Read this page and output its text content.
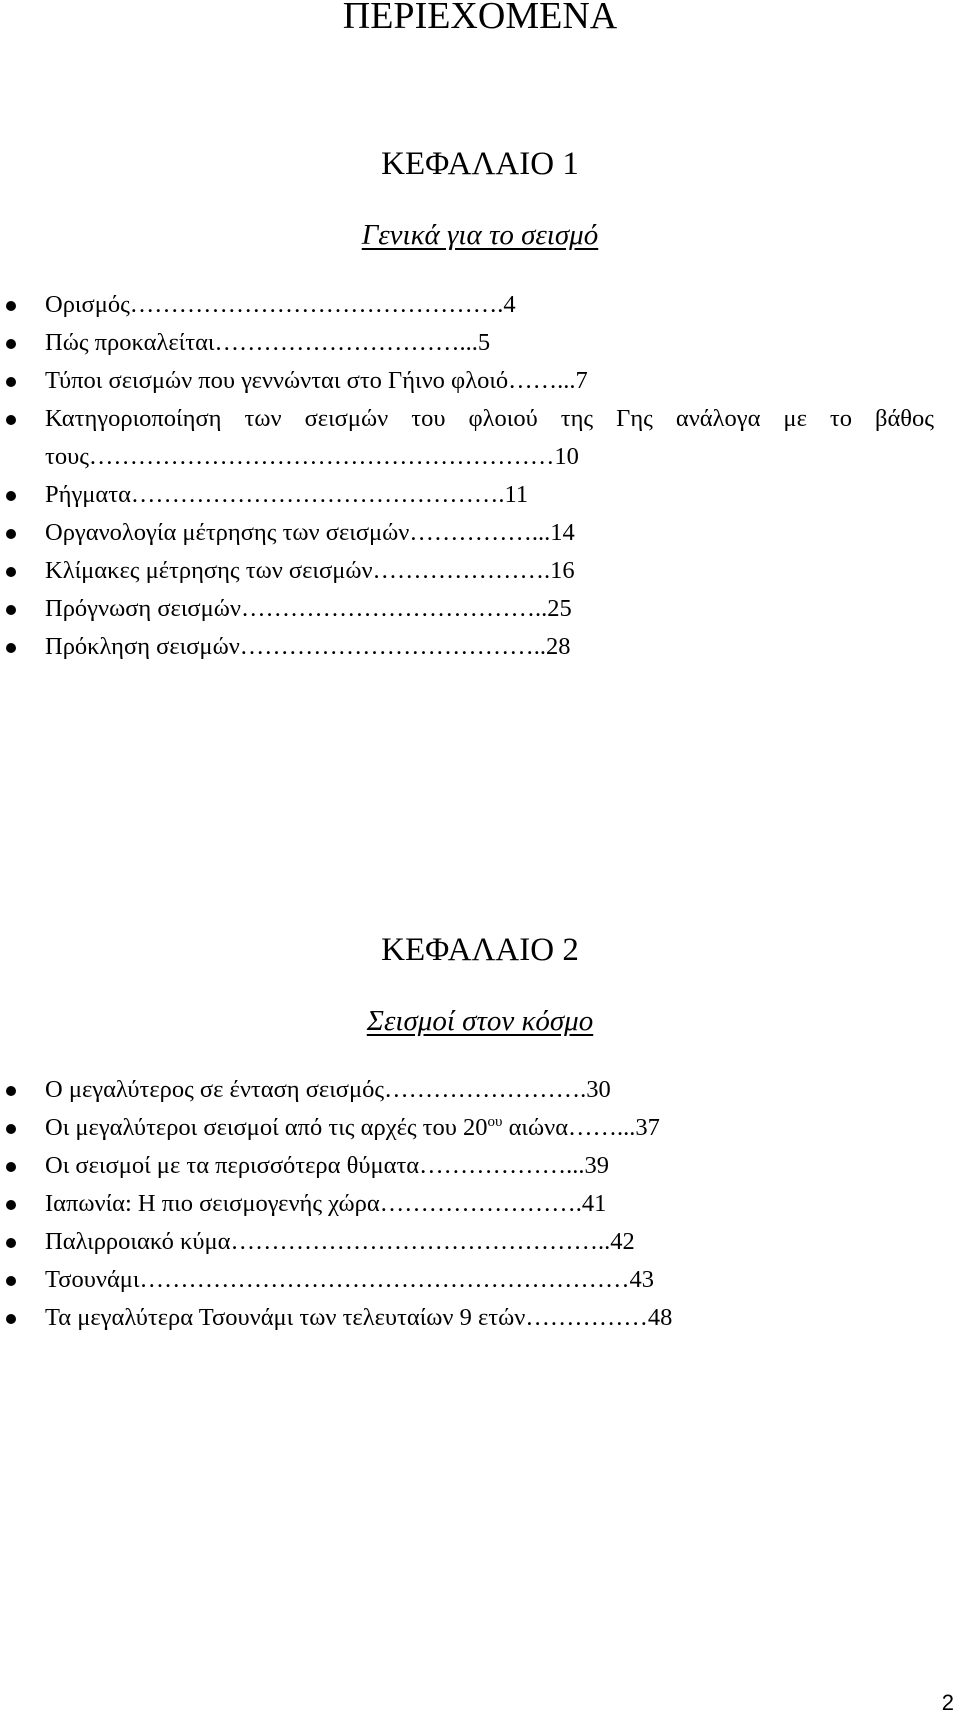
ΠΕΡΙΕΧΟΜΕΝΑ
ΚΕΦΑΛΑΙΟ 1
Γενικά για το σεισμό
Ορισμός……………………………………….4
Πώς προκαλείται…………………………...5
Τύποι σεισμών που γεννώνται στο Γήινο φλοιό……...7
Κατηγοριοποίηση των σεισμών του φλοιού της Γης ανάλογα με το βάθος τους…………………………………………………10
Ρήγματα……………………………………….11
Οργανολογία μέτρησης των σεισμών……………...14
Κλίμακες μέτρησης των σεισμών………………….16
Πρόγνωση σεισμών………………………………..25
Πρόκληση σεισμών………………………………..28
ΚΕΦΑΛΑΙΟ 2
Σεισμοί στον κόσμο
Ο μεγαλύτερος σε ένταση σεισμός…………………….30
Οι μεγαλύτεροι σεισμοί από τις αρχές του $20^{o\upsilon}$ αιώνα……...37
Οι σεισμοί με τα περισσότερα θύματα………………...39
Ιαπωνία: Η πιο σεισμογενής χώρα…………………….41
Παλιρροιακό κύμα………………………………………..42
Τσουνάμι……………………………………………………43
Τα μεγαλύτερα Τσουνάμι των τελευταίων 9 ετών……………48
2
